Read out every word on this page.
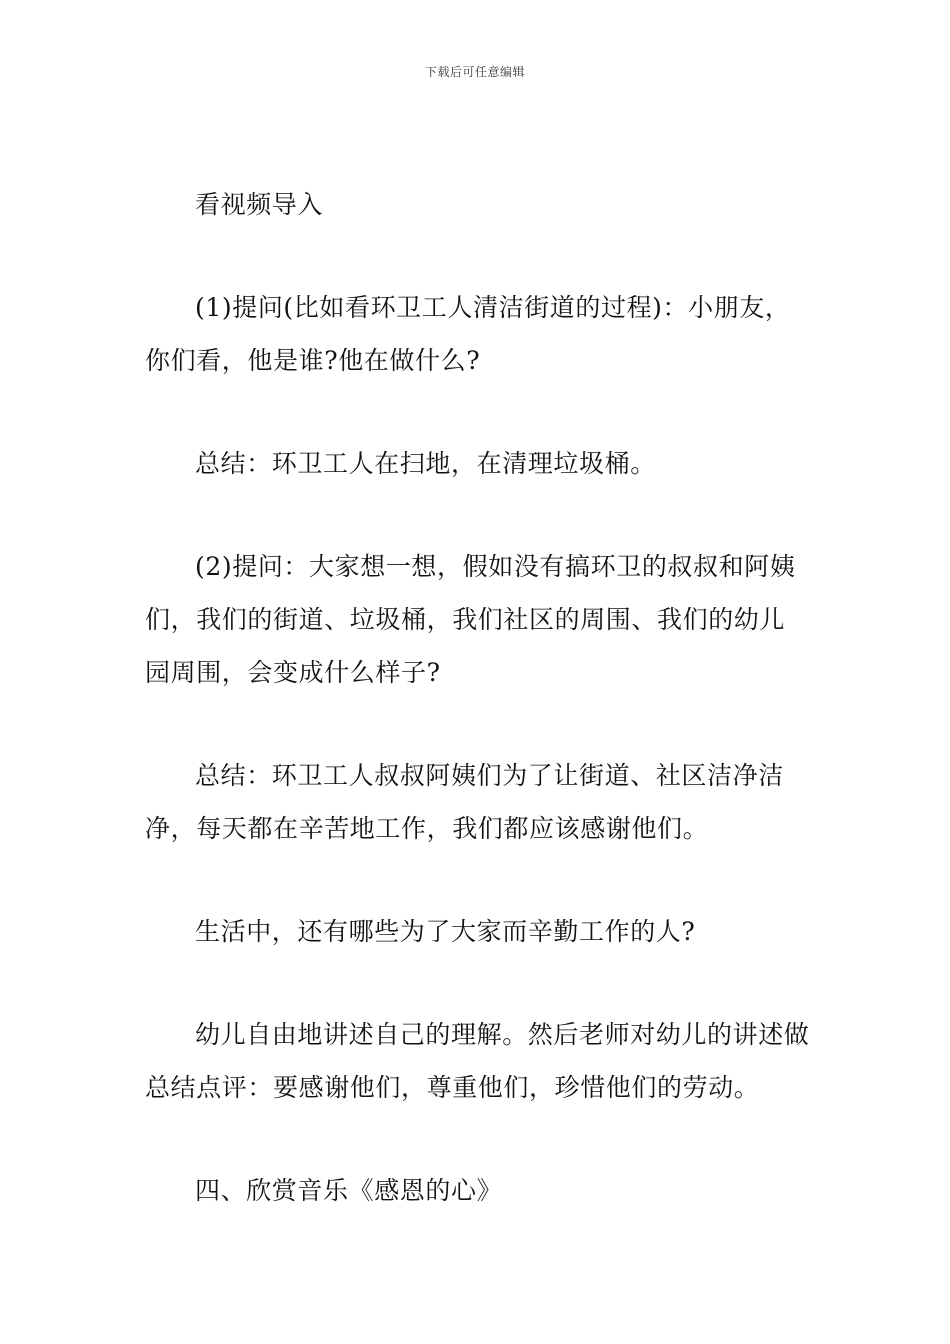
下载后可任意编辑

看视频导入

(1)提问(比如看环卫工人清洁街道的过程)：小朋友，你们看，他是谁?他在做什么?

总结：环卫工人在扫地，在清理垃圾桶。

(2)提问：大家想一想，假如没有搞环卫的叔叔和阿姨们，我们的街道、垃圾桶，我们社区的周围、我们的幼儿园周围，会变成什么样子?

总结：环卫工人叔叔阿姨们为了让街道、社区洁净洁净，每天都在辛苦地工作，我们都应该感谢他们。

生活中，还有哪些为了大家而辛勤工作的人?

幼儿自由地讲述自己的理解。然后老师对幼儿的讲述做总结点评：要感谢他们，尊重他们，珍惜他们的劳动。

四、欣赏音乐《感恩的心》
